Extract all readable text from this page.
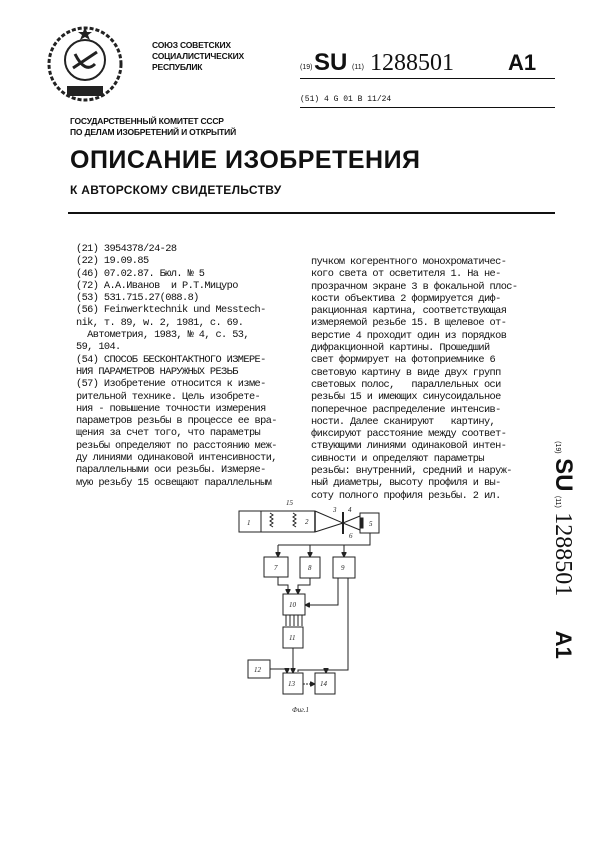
СОЮЗ СОВЕТСКИХ
СОЦИАЛИСТИЧЕСКИХ
РЕСПУБЛИК	(19) SU (11) 1288501 A1
(51) 4 G 01 B 11/24
ГОСУДАРСТВЕННЫЙ КОМИТЕТ СССР
ПО ДЕЛАМ ИЗОБРЕТЕНИЙ И ОТКРЫТИЙ
ОПИСАНИЕ ИЗОБРЕТЕНИЯ
К АВТОРСКОМУ СВИДЕТЕЛЬСТВУ
(21) 3954378/24-28
(22) 19.09.85
(46) 07.02.87. Бюл. № 5
(72) А.А.Иванов  и Р.Т.Мицуро
(53) 531.715.27(088.8)
(56) Feinwerktechnik und Messtech-
nik, т. 89, w. 2, 1981, с. 69.
Автометрия, 1983, № 4, с. 53,
59, 104.
(54) СПОСОБ БЕСКОНТАКТНОГО ИЗМЕРЕ-
НИЯ ПАРАМЕТРОВ НАРУЖНЫХ РЕЗЬБ
(57) Изобретение относится к изме-
рительной технике. Цель изобрете-
ния - повышение точности измерения
параметров резьбы в процессе ее вра-
щения за счет того, что параметры
резьбы определяют по расстоянию меж-
ду линиями одинаковой интенсивности,
параллельными оси резьбы. Измеряе-
мую резьбу 15 освещают параллельным
пучком когерентного монохроматичес-
кого света от осветителя 1. На не-
прозрачном экране 3 в фокальной плос-
кости объектива 2 формируется диф-
ракционная картина, соответствующая
измеряемой резьбе 15. В щелевое от-
верстие 4 проходит один из порядков
дифракционной картины. Прошедший
свет формирует на фотоприемнике 6
световую картину в виде двух групп
световых полос,   параллельных оси
резьбы 15 и имеющих синусоидальное
поперечное распределение интенсив-
ности. Далее сканируют   картину,
фиксируют расстояние между соответ-
ствующими линиями одинаковой интен-
сивности и определяют параметры
резьбы: внутренний, средний и наруж-
ный диаметры, высоту профиля и вы-
соту полного профиля резьбы. 2 ил.
(19) SU (11) 1288501 A1
1	2
3 4
5
6
7	8	9
10
11
12
13	14
15
Фиг.1
